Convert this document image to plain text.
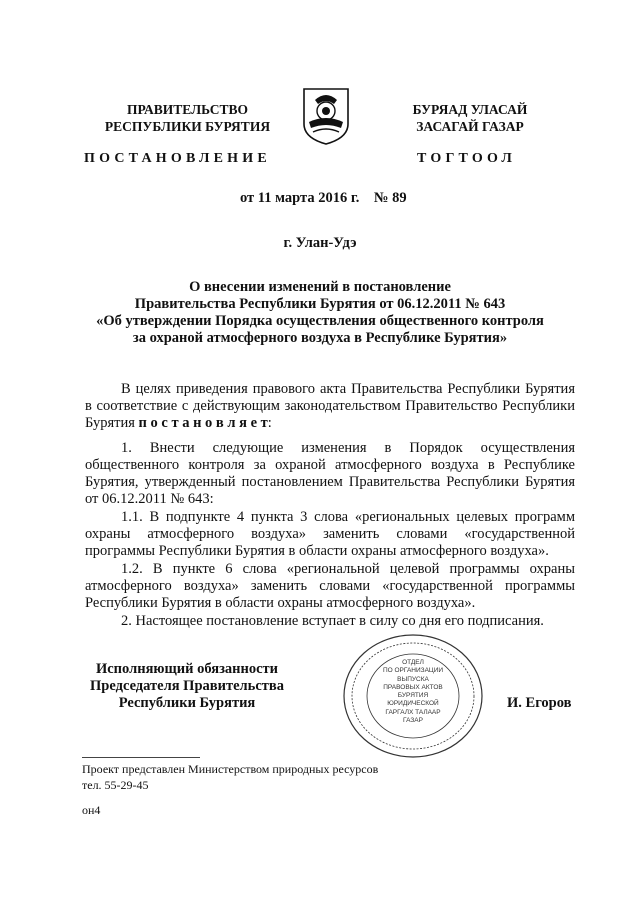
ПРАВИТЕЛЬСТВО
РЕСПУБЛИКИ БУРЯТИЯ
БУРЯАД УЛАСАЙ
ЗАСАГАЙ ГАЗАР
ПОСТАНОВЛЕНИЕ	ТОГТООЛ
от 11 марта 2016 г.    № 89
г. Улан-Удэ
О внесении изменений в постановление
Правительства Республики Бурятия от 06.12.2011 № 643
«Об утверждении Порядка осуществления общественного контроля
за охраной атмосферного воздуха в Республике Бурятия»
В целях приведения правового акта Правительства Республики Бурятия в соответствие с действующим законодательством Правительство Республики Бурятия п о с т а н о в л я е т:
1. Внести следующие изменения в Порядок осуществления общественного контроля за охраной атмосферного воздуха в Республике Бурятия, утвержденный постановлением Правительства Республики Бурятия от 06.12.2011 № 643:
1.1. В подпункте 4 пункта 3 слова «региональных целевых программ охраны атмосферного воздуха» заменить словами «государственной программы Республики Бурятия в области охраны атмосферного воздуха».
1.2. В пункте 6 слова «региональной целевой программы охраны атмосферного воздуха» заменить словами «государственной программы Республики Бурятия в области охраны атмосферного воздуха».
2. Настоящее постановление вступает в силу со дня его подписания.
Исполняющий обязанности
Председателя Правительства
Республики Бурятия
ОТДЕЛ
ПО ОРГАНИЗАЦИИ
ВЫПУСКА
ПРАВОВЫХ АКТОВ
БУРЯТИЯ
ЮРИДИЧЕСКОЙ
ГАРГАЛХ ТАЛААР
ГАЗАР
И. Егоров
Проект представлен Министерством природных ресурсов
тел. 55-29-45
он4
